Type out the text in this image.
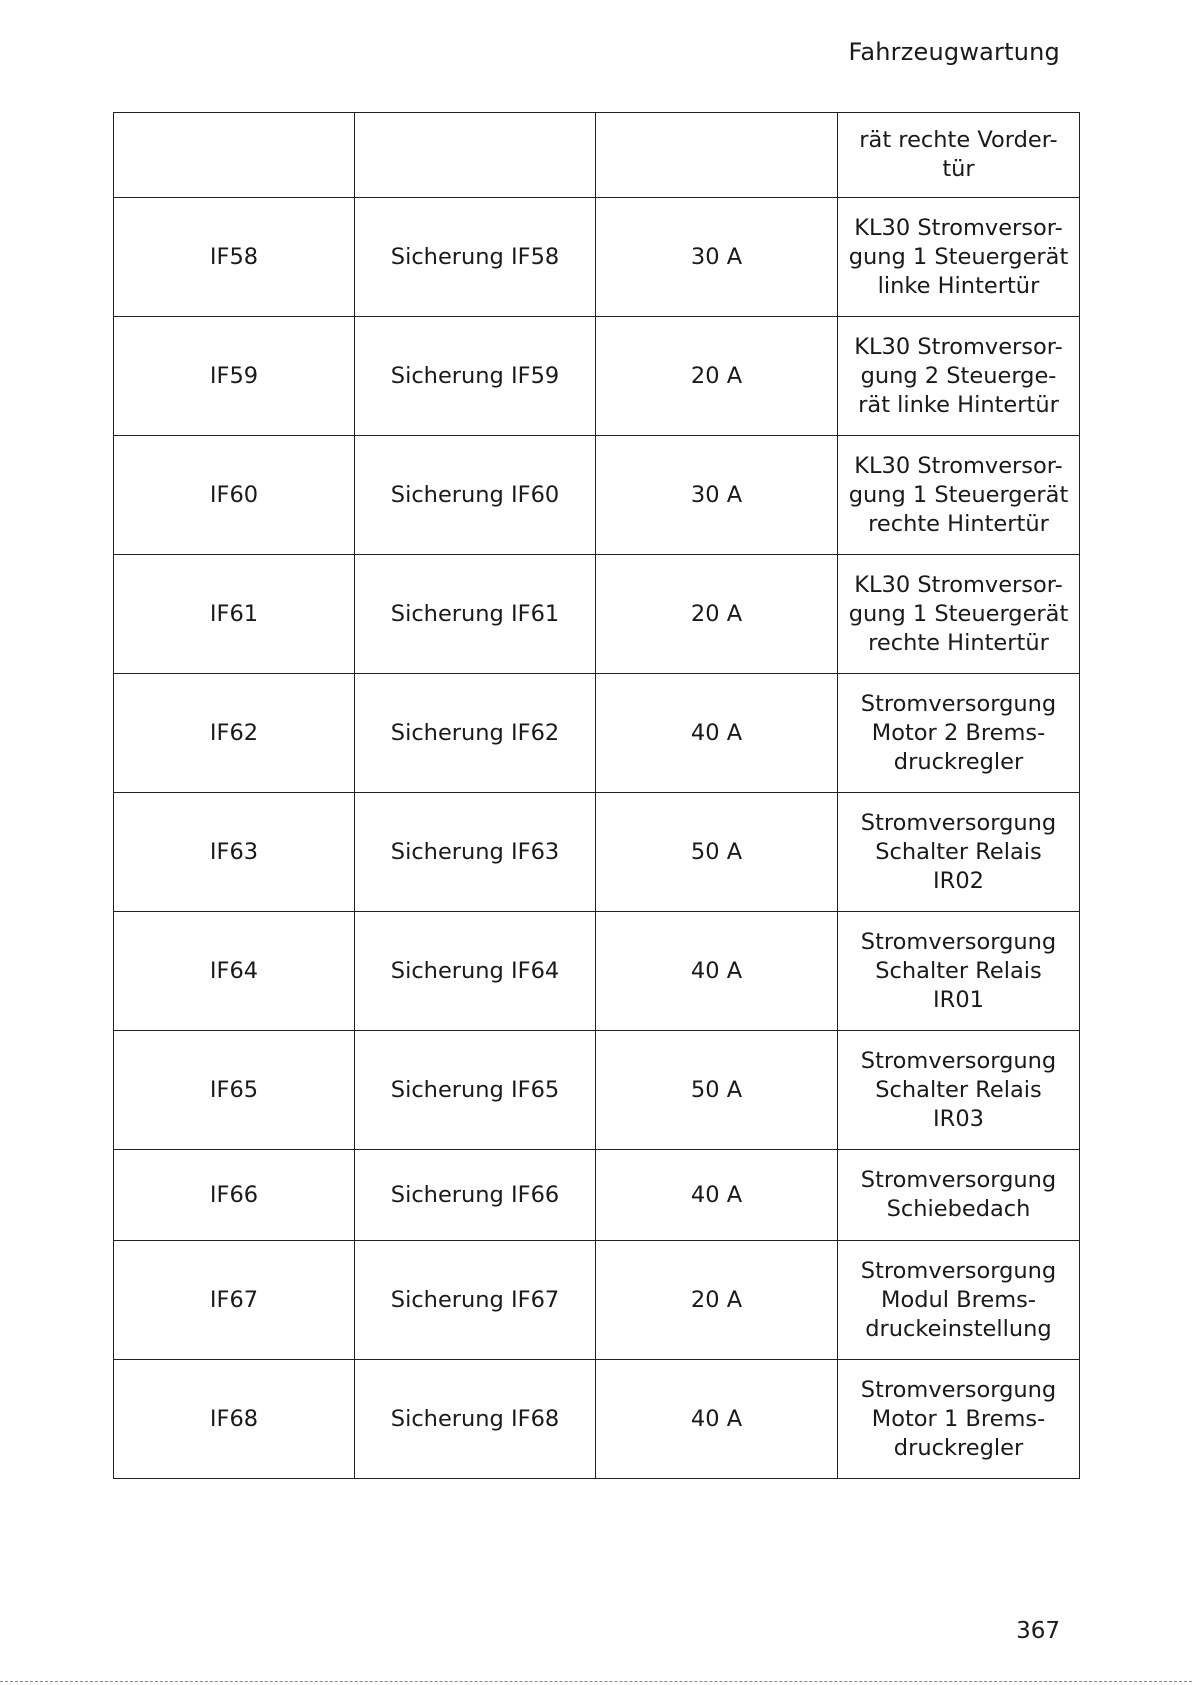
Fahrzeugwartung

			rät rechte Vorder-
tür

IF58	Sicherung IF58	30 A	KL30 Stromversor-
gung 1 Steuergerät
linke Hintertür

IF59	Sicherung IF59	20 A	KL30 Stromversor-
gung 2 Steuerge-
rät linke Hintertür

IF60	Sicherung IF60	30 A	KL30 Stromversor-
gung 1 Steuergerät
rechte Hintertür

IF61	Sicherung IF61	20 A	KL30 Stromversor-
gung 1 Steuergerät
rechte Hintertür

IF62	Sicherung IF62	40 A	Stromversorgung
Motor 2 Brems-
druckregler

IF63	Sicherung IF63	50 A	Stromversorgung
Schalter Relais
IR02

IF64	Sicherung IF64	40 A	Stromversorgung
Schalter Relais
IR01

IF65	Sicherung IF65	50 A	Stromversorgung
Schalter Relais
IR03

IF66	Sicherung IF66	40 A	Stromversorgung
Schiebedach

IF67	Sicherung IF67	20 A	Stromversorgung
Modul Brems-
druckeinstellung

IF68	Sicherung IF68	40 A	Stromversorgung
Motor 1 Brems-
druckregler
367
